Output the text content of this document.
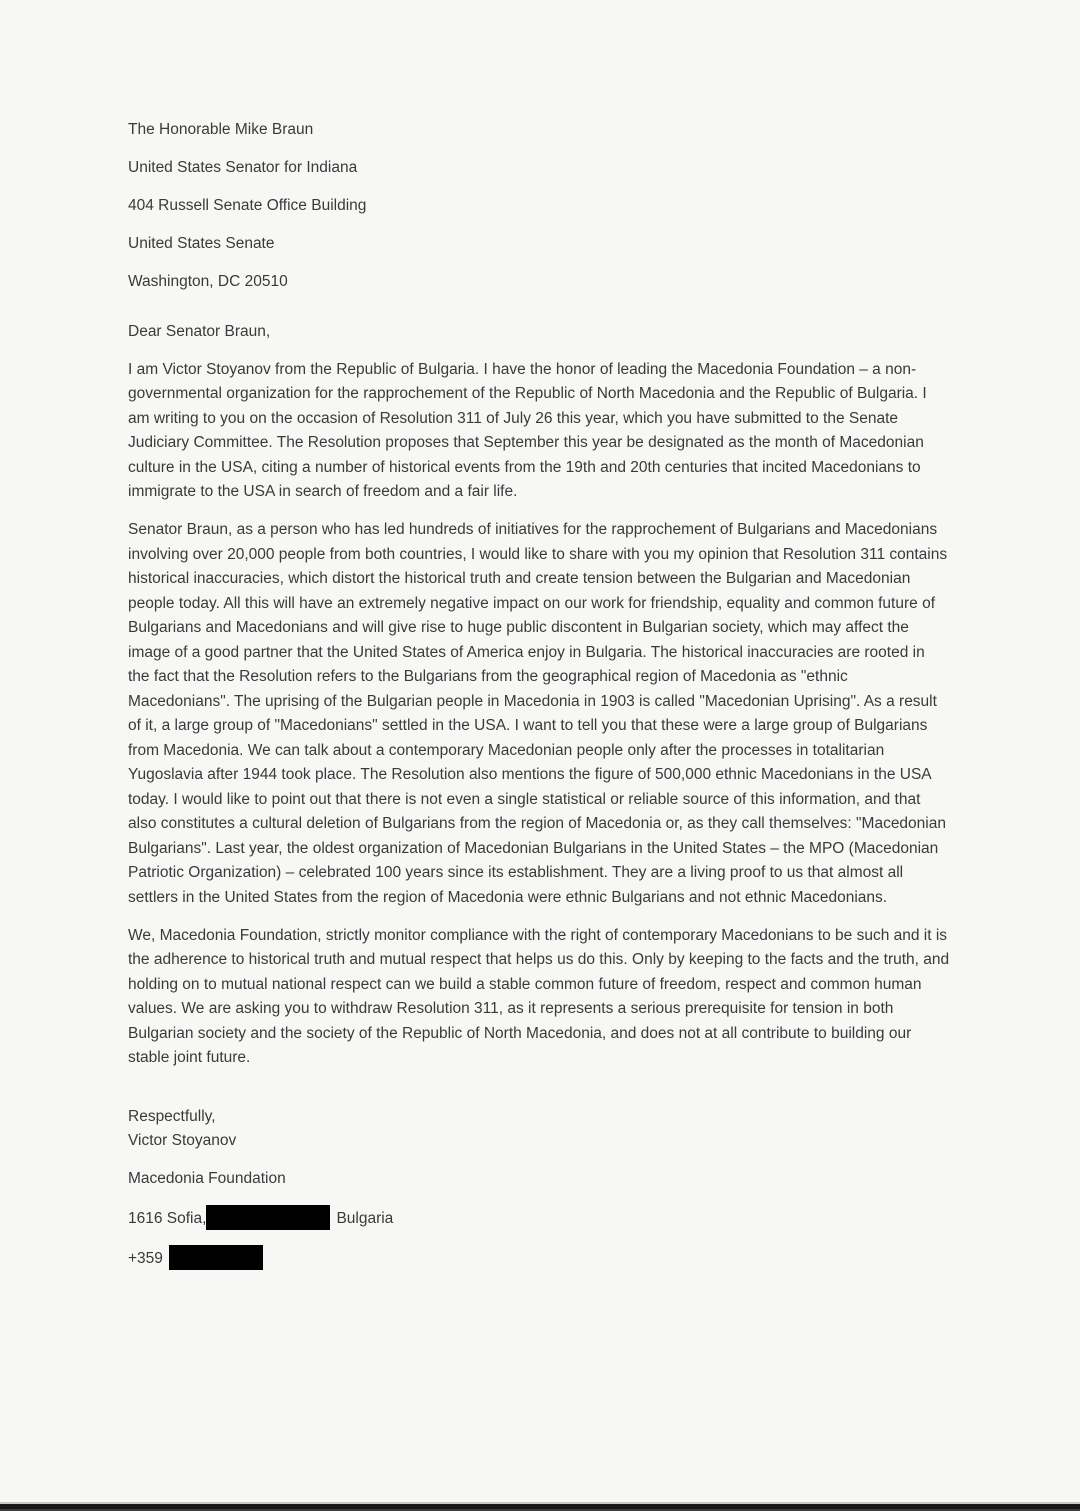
The Honorable Mike Braun

United States Senator for Indiana

404 Russell Senate Office Building

United States Senate

Washington, DC 20510

Dear Senator Braun,

I am Victor Stoyanov from the Republic of Bulgaria. I have the honor of leading the Macedonia Foundation – a non-governmental organization for the rapprochement of the Republic of North Macedonia and the Republic of Bulgaria. I am writing to you on the occasion of Resolution 311 of July 26 this year, which you have submitted to the Senate Judiciary Committee. The Resolution proposes that September this year be designated as the month of Macedonian culture in the USA, citing a number of historical events from the 19th and 20th centuries that incited Macedonians to immigrate to the USA in search of freedom and a fair life.

Senator Braun, as a person who has led hundreds of initiatives for the rapprochement of Bulgarians and Macedonians involving over 20,000 people from both countries, I would like to share with you my opinion that Resolution 311 contains historical inaccuracies, which distort the historical truth and create tension between the Bulgarian and Macedonian people today. All this will have an extremely negative impact on our work for friendship, equality and common future of Bulgarians and Macedonians and will give rise to huge public discontent in Bulgarian society, which may affect the image of a good partner that the United States of America enjoy in Bulgaria. The historical inaccuracies are rooted in the fact that the Resolution refers to the Bulgarians from the geographical region of Macedonia as "ethnic Macedonians". The uprising of the Bulgarian people in Macedonia in 1903 is called "Macedonian Uprising". As a result of it, a large group of "Macedonians" settled in the USA. I want to tell you that these were a large group of Bulgarians from Macedonia. We can talk about a contemporary Macedonian people only after the processes in totalitarian Yugoslavia after 1944 took place. The Resolution also mentions the figure of 500,000 ethnic Macedonians in the USA today. I would like to point out that there is not even a single statistical or reliable source of this information, and that also constitutes a cultural deletion of Bulgarians from the region of Macedonia or, as they call themselves: "Macedonian Bulgarians". Last year, the oldest organization of Macedonian Bulgarians in the United States – the MPO (Macedonian Patriotic Organization) – celebrated 100 years since its establishment. They are a living proof to us that almost all settlers in the United States from the region of Macedonia were ethnic Bulgarians and not ethnic Macedonians.

We, Macedonia Foundation, strictly monitor compliance with the right of contemporary Macedonians to be such and it is the adherence to historical truth and mutual respect that helps us do this. Only by keeping to the facts and the truth, and holding on to mutual national respect can we build a stable common future of freedom, respect and common human values. We are asking you to withdraw Resolution 311, as it represents a serious prerequisite for tension in both Bulgarian society and the society of the Republic of North Macedonia, and does not at all contribute to building our stable joint future.

Respectfully,
Victor Stoyanov

Macedonia Foundation

1616 Sofia,	Bulgaria

+359
